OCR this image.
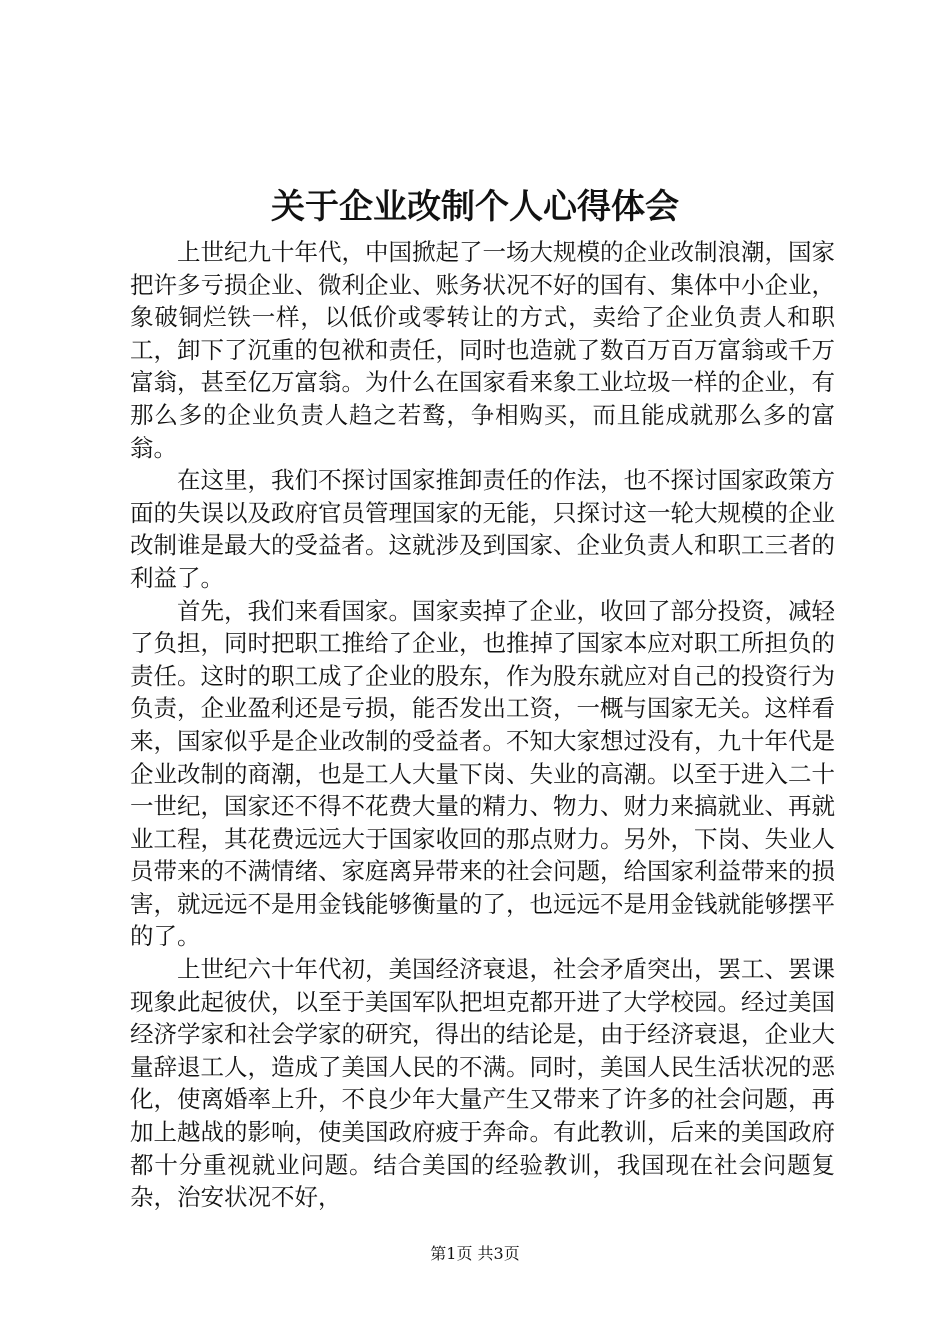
关于企业改制个人心得体会

上世纪九十年代，中国掀起了一场大规模的企业改制浪潮，国家把许多亏损企业、微利企业、账务状况不好的国有、集体中小企业，象破铜烂铁一样，以低价或零转让的方式，卖给了企业负责人和职工，卸下了沉重的包袱和责任，同时也造就了数百万百万富翁或千万富翁，甚至亿万富翁。为什么在国家看来象工业垃圾一样的企业，有那么多的企业负责人趋之若鹜，争相购买，而且能成就那么多的富翁。

在这里，我们不探讨国家推卸责任的作法，也不探讨国家政策方面的失误以及政府官员管理国家的无能，只探讨这一轮大规模的企业改制谁是最大的受益者。这就涉及到国家、企业负责人和职工三者的利益了。

首先，我们来看国家。国家卖掉了企业，收回了部分投资，减轻了负担，同时把职工推给了企业，也推掉了国家本应对职工所担负的责任。这时的职工成了企业的股东，作为股东就应对自己的投资行为负责，企业盈利还是亏损，能否发出工资，一概与国家无关。这样看来，国家似乎是企业改制的受益者。不知大家想过没有，九十年代是企业改制的商潮，也是工人大量下岗、失业的高潮。以至于进入二十一世纪，国家还不得不花费大量的精力、物力、财力来搞就业、再就业工程，其花费远远大于国家收回的那点财力。另外，下岗、失业人员带来的不满情绪、家庭离异带来的社会问题，给国家利益带来的损害，就远远不是用金钱能够衡量的了，也远远不是用金钱就能够摆平的了。

上世纪六十年代初，美国经济衰退，社会矛盾突出，罢工、罢课现象此起彼伏，以至于美国军队把坦克都开进了大学校园。经过美国经济学家和社会学家的研究，得出的结论是，由于经济衰退，企业大量辞退工人，造成了美国人民的不满。同时，美国人民生活状况的恶化，使离婚率上升，不良少年大量产生又带来了许多的社会问题，再加上越战的影响，使美国政府疲于奔命。有此教训，后来的美国政府都十分重视就业问题。结合美国的经验教训，我国现在社会问题复杂，治安状况不好，

第1页 共3页
